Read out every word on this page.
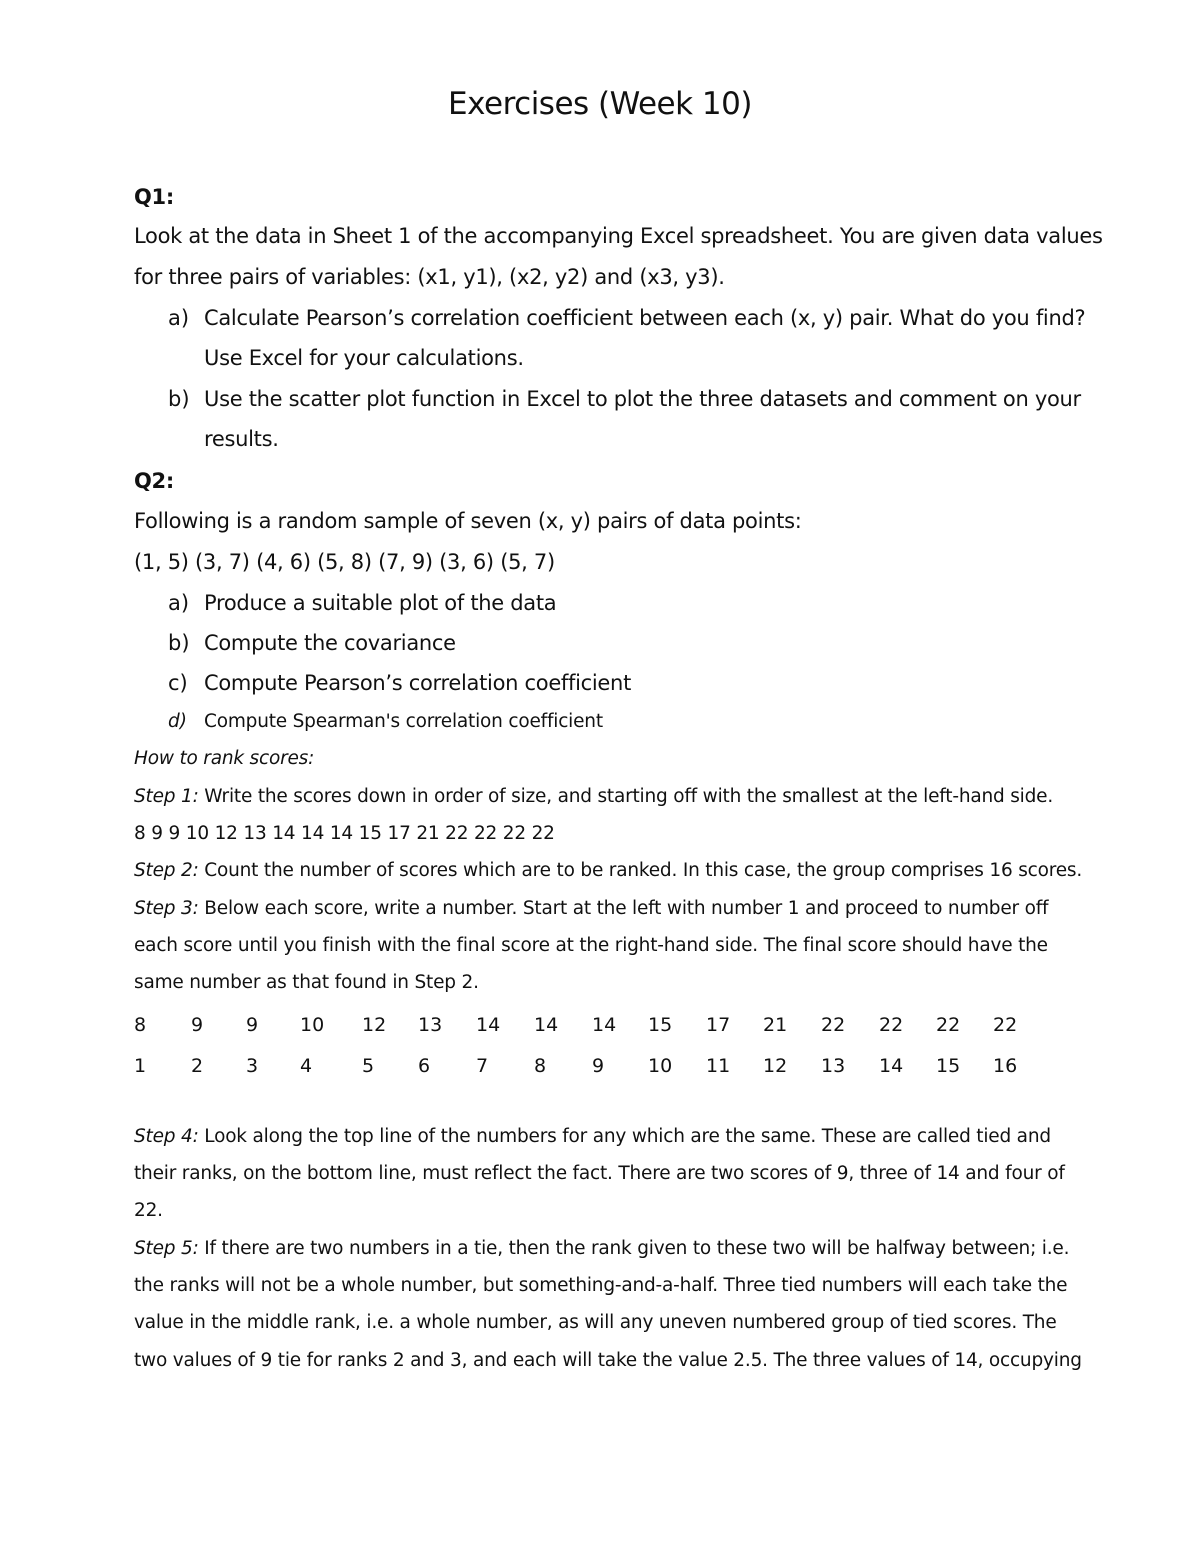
Exercises (Week 10)
Q1:
Look at the data in Sheet 1 of the accompanying Excel spreadsheet. You are given data values
for three pairs of variables: (x1, y1), (x2, y2) and (x3, y3).
a) Calculate Pearson’s correlation coefficient between each (x, y) pair. What do you find?
Use Excel for your calculations.
b) Use the scatter plot function in Excel to plot the three datasets and comment on your
results.
Q2:
Following is a random sample of seven (x, y) pairs of data points:
(1, 5) (3, 7) (4, 6) (5, 8) (7, 9) (3, 6) (5, 7)
a) Produce a suitable plot of the data
b) Compute the covariance
c) Compute Pearson’s correlation coefficient
d) Compute Spearman's correlation coefficient
How to rank scores:
Step 1: Write the scores down in order of size, and starting off with the smallest at the left-hand side.
8 9 9 10 12 13 14 14 14 15 17 21 22 22 22 22
Step 2: Count the number of scores which are to be ranked. In this case, the group comprises 16 scores.
Step 3: Below each score, write a number. Start at the left with number 1 and proceed to number off
each score until you finish with the final score at the right-hand side. The final score should have the
same number as that found in Step 2.
8 9 9 10 12 13 14 14 14 15 17 21 22 22 22 22
1 2 3 4	5 6 7 8 9 10 11 12 13 14 15 16
Step 4: Look along the top line of the numbers for any which are the same. These are called tied and
their ranks, on the bottom line, must reflect the fact. There are two scores of 9, three of 14 and four of
22.
Step 5: If there are two numbers in a tie, then the rank given to these two will be halfway between; i.e.
the ranks will not be a whole number, but something-and-a-half. Three tied numbers will each take the
value in the middle rank, i.e. a whole number, as will any uneven numbered group of tied scores. The
two values of 9 tie for ranks 2 and 3, and each will take the value 2.5. The three values of 14, occupying
